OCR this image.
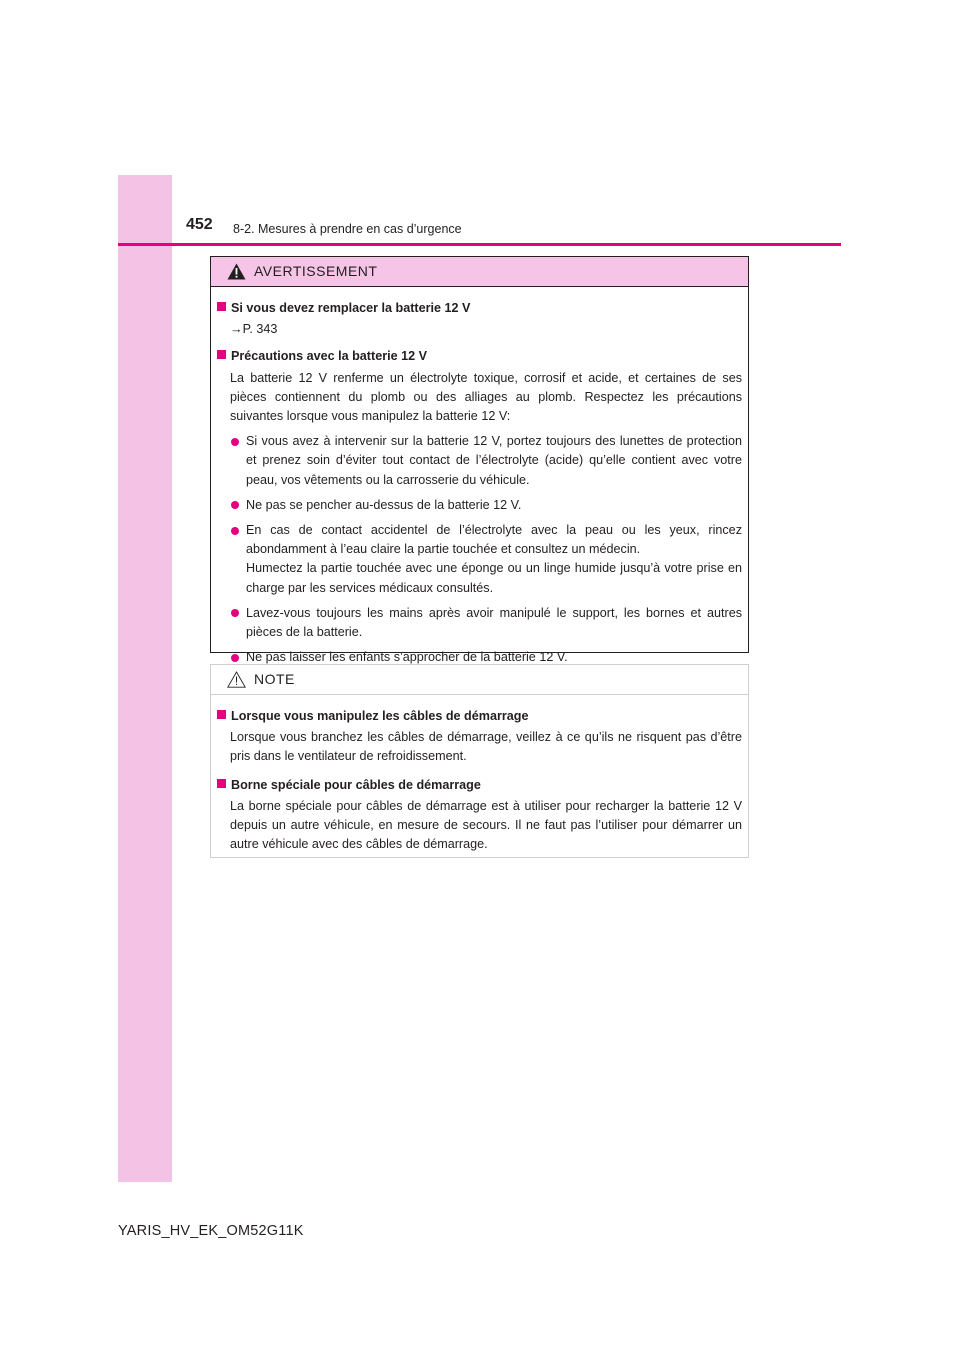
452 8-2. Mesures à prendre en cas d’urgence
AVERTISSEMENT
Si vous devez remplacer la batterie 12 V
→P. 343
Précautions avec la batterie 12 V
La batterie 12 V renferme un électrolyte toxique, corrosif et acide, et certaines de ses pièces contiennent du plomb ou des alliages au plomb. Respectez les précautions suivantes lorsque vous manipulez la batterie 12 V:
Si vous avez à intervenir sur la batterie 12 V, portez toujours des lunettes de protection et prenez soin d’éviter tout contact de l’électrolyte (acide) qu’elle contient avec votre peau, vos vêtements ou la carrosserie du véhicule.
Ne pas se pencher au-dessus de la batterie 12 V.
En cas de contact accidentel de l’électrolyte avec la peau ou les yeux, rincez abondamment à l’eau claire la partie touchée et consultez un médecin.
Humectez la partie touchée avec une éponge ou un linge humide jusqu’à votre prise en charge par les services médicaux consultés.
Lavez-vous toujours les mains après avoir manipulé le support, les bornes et autres pièces de la batterie.
Ne pas laisser les enfants s’approcher de la batterie 12 V.
NOTE
Lorsque vous manipulez les câbles de démarrage
Lorsque vous branchez les câbles de démarrage, veillez à ce qu’ils ne risquent pas d’être pris dans le ventilateur de refroidissement.
Borne spéciale pour câbles de démarrage
La borne spéciale pour câbles de démarrage est à utiliser pour recharger la batterie 12 V depuis un autre véhicule, en mesure de secours. Il ne faut pas l’utiliser pour démarrer un autre véhicule avec des câbles de démarrage.
YARIS_HV_EK_OM52G11K
